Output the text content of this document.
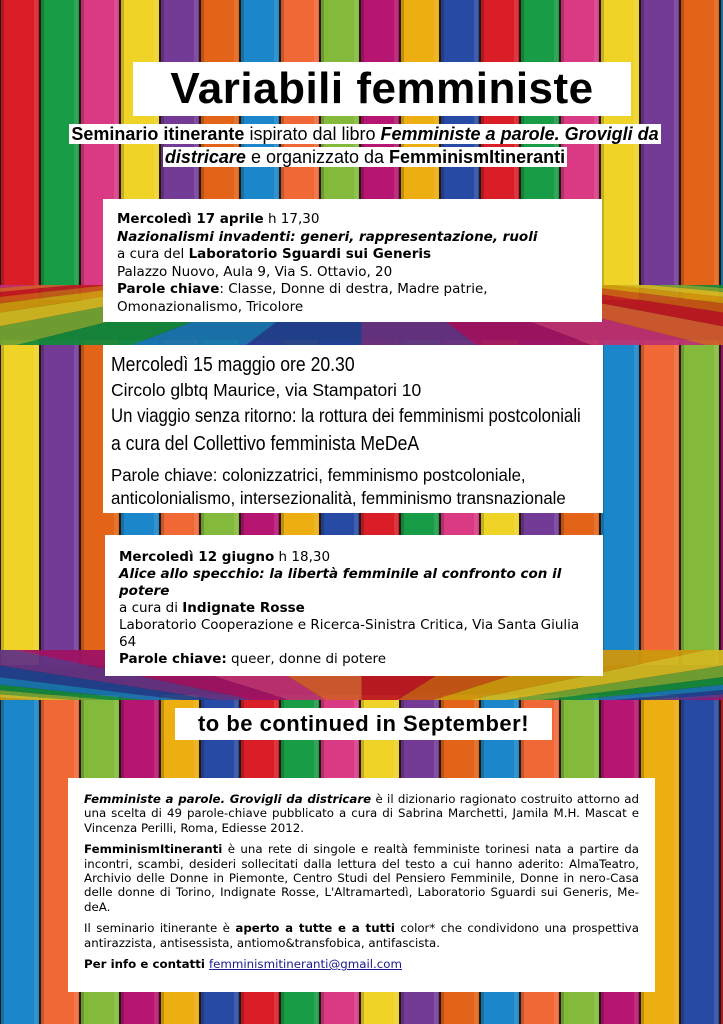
Variabili femministe
Seminario itinerante ispirato dal libro Femministe a parole. Grovigli da districare e organizzato da FemminismItineranti
Mercoledì 17 aprile h 17,30
Nazionalismi invadenti: generi, rappresentazione, ruoli
a cura del Laboratorio Sguardi sui Generis
Palazzo Nuovo, Aula 9, Via S. Ottavio, 20
Parole chiave: Classe, Donne di destra, Madre patrie, Omonazionalismo, Tricolore
Mercoledì 15 maggio ore 20.30
Circolo glbtq Maurice, via Stampatori 10
Un viaggio senza ritorno: la rottura dei femminismi postcoloniali
a cura del Collettivo femminista MeDeA
Parole chiave: colonizzatrici, femminismo postcoloniale,
anticolonialismo, intersezionalità, femminismo transnazionale
Mercoledì 12 giugno h 18,30
Alice allo specchio: la libertà femminile al confronto con il potere
a cura di Indignate Rosse
Laboratorio Cooperazione e Ricerca-Sinistra Critica, Via Santa Giulia 64
Parole chiave: queer, donne di potere
to be continued in September!

Femministe a parole. Grovigli da districare è il dizionario ragionato costruito attorno ad una scelta di 49 parole-chiave pubblicato a cura di Sabrina Marchetti, Jamila M.H. Mascat e Vincenza Perilli, Roma, Ediesse 2012.

FemminismItineranti è una rete di singole e realtà femministe torinesi nata a partire da incontri, scambi, desideri sollecitati dalla lettura del testo a cui hanno aderito: AlmaTeatro, Archivio delle Donne in Piemonte, Centro Studi del Pensiero Femminile, Donne in nero-Casa delle donne di Torino, Indignate Rosse, L'Altramartedì, Laboratorio Sguardi sui Generis, Me-deA.

Il seminario itinerante è aperto a tutte e a tutti color* che condividono una prospettiva antirazzista, antisessista, antiomo&transfobica, antifascista.

Per info e contatti femminismitineranti@gmail.com
